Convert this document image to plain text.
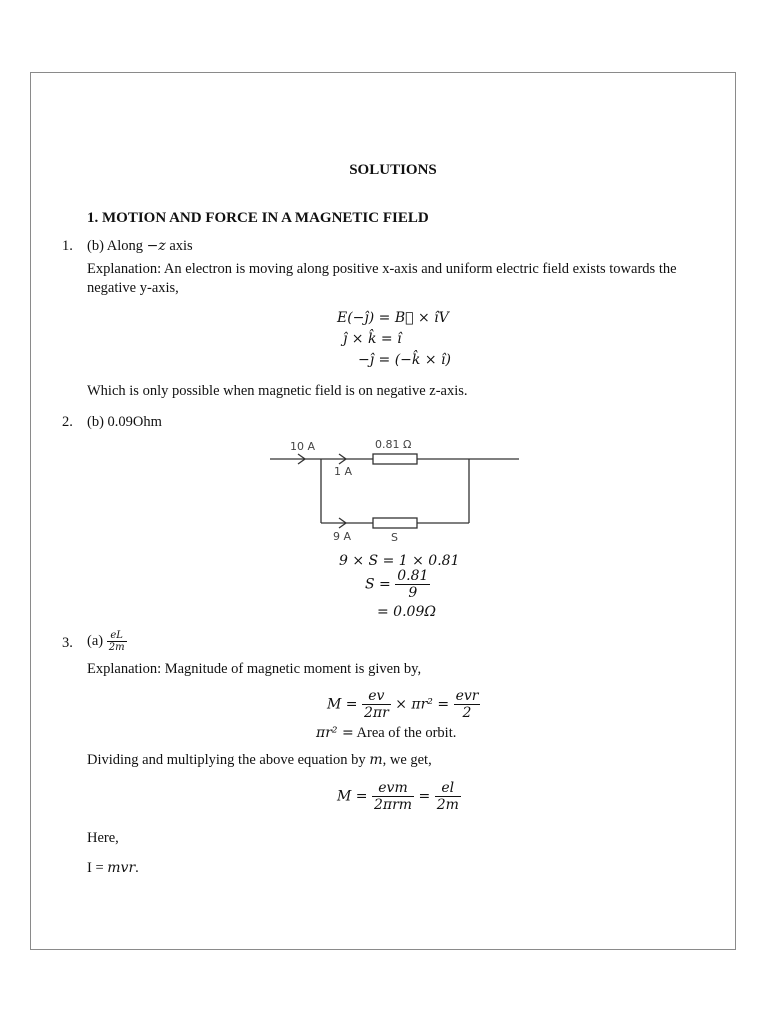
SOLUTIONS
1. MOTION AND FORCE IN A MAGNETIC FIELD
1. (b) Along −z axis
Explanation: An electron is moving along positive x-axis and uniform electric field exists towards the negative y-axis,
E(−ĵ) = B⃗ × îV
ĵ × k̂ = î
−ĵ = (−k̂ × î)
Which is only possible when magnetic field is on negative z-axis.
2. (b) 0.09Ohm
10 A	0.81 Ω
1 A
9 A	S
9 × S = 1 × 0.81
$S = \frac{0.81}{9}$
= 0.09Ω
3. $(a) \frac{eL}{2m}$
Explanation: Magnitude of magnetic moment is given by,
$M = \frac{ev}{2\pi r} \times \pi r^2 = \frac{\text{evr}}{2}$
πr² = Area of the orbit.
Dividing and multiplying the above equation by m, we get,
$M = \frac{\text{evm}}{\text{2πrm}} = \frac{el}{2m}$
Here,
I = mvr.
